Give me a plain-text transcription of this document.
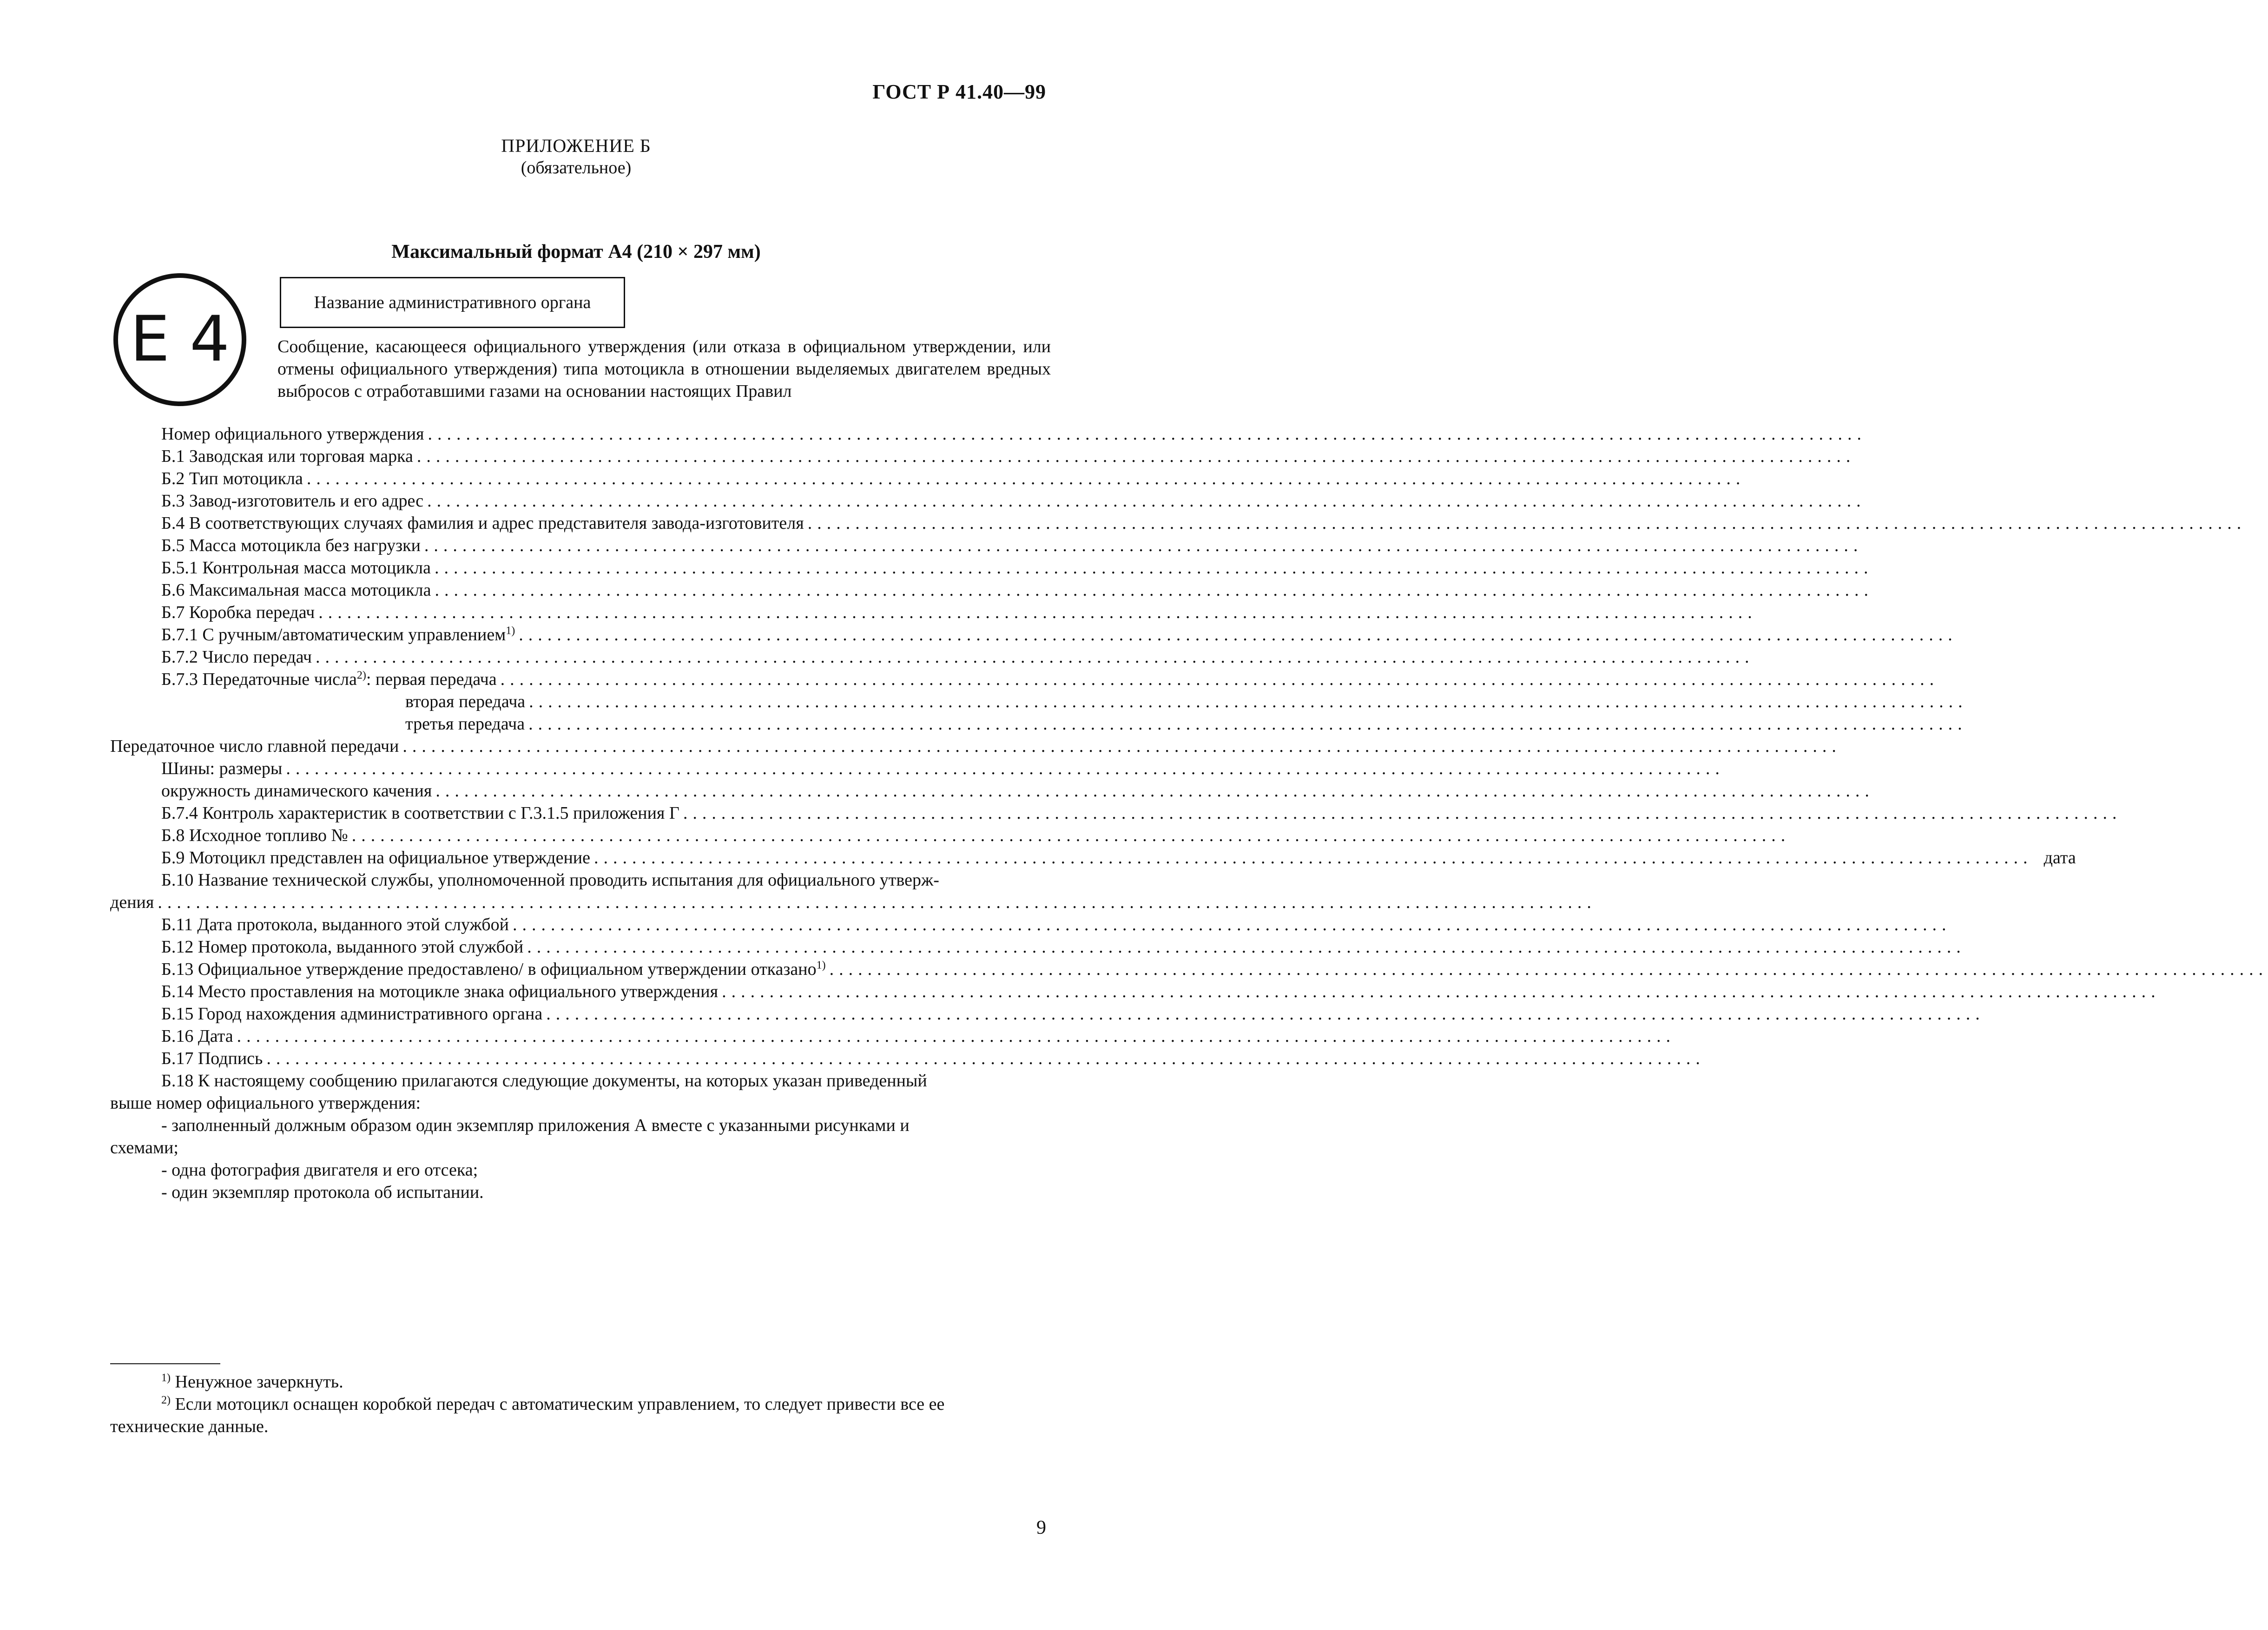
ГОСТ Р 41.40—99
ПРИЛОЖЕНИЕ Б
(обязательное)
Максимальный формат А4 (210 × 297 мм)
E 4	Название административного органа
Сообщение, касающееся официального утверждения (или отказа в официальном утверждении, или отмены официального утверждения) типа мотоцикла в отношении выделяемых двигателем вредных выбросов с отработавшими газами на основании настоящих Правил
Номер официального утверждения .......................................................................................................................................................
Б.1 Заводская или торговая марка .......................................................................................................................................................
Б.2 Тип мотоцикла .......................................................................................................................................................
Б.3 Завод-изготовитель и его адрес .......................................................................................................................................................
Б.4 В соответствующих случаях фамилия и адрес представителя завода-изготовителя .......................................................................................................................................................
Б.5 Масса мотоцикла без нагрузки .......................................................................................................................................................
Б.5.1 Контрольная масса мотоцикла .......................................................................................................................................................
Б.6 Максимальная масса мотоцикла .......................................................................................................................................................
Б.7 Коробка передач .......................................................................................................................................................
Б.7.1 С ручным/автоматическим управлением$^{1)}$ .......................................................................................................................................................
Б.7.2 Число передач .......................................................................................................................................................
Б.7.3 Передаточные числа$^{2)}$: первая передача .......................................................................................................................................................
вторая передача .......................................................................................................................................................
третья передача .......................................................................................................................................................
Передаточное число главной передачи .......................................................................................................................................................
Шины: размеры .......................................................................................................................................................
окружность динамического качения .......................................................................................................................................................
Б.7.4 Контроль характеристик в соответствии с Г.3.1.5 приложения Г .......................................................................................................................................................
Б.8 Исходное топливо № .......................................................................................................................................................
Б.9 Мотоцикл представлен на официальное утверждение ....................................................................................................................................................... дата
Б.10 Название технической службы, уполномоченной проводить испытания для официального утверж-
дения .......................................................................................................................................................
Б.11 Дата протокола, выданного этой службой .......................................................................................................................................................
Б.12 Номер протокола, выданного этой службой .......................................................................................................................................................
Б.13 Официальное утверждение предоставлено/ в официальном утверждении отказано$^{1)}$ .......................................................................................................................................................
Б.14 Место проставления на мотоцикле знака официального утверждения .......................................................................................................................................................
Б.15 Город нахождения административного органа .......................................................................................................................................................
Б.16 Дата .......................................................................................................................................................
Б.17 Подпись .......................................................................................................................................................
Б.18 К настоящему сообщению прилагаются следующие документы, на которых указан приведенный
выше номер официального утверждения:
- заполненный должным образом один экземпляр приложения А вместе с указанными рисунками и
схемами;
- одна фотография двигателя и его отсека;
- один экземпляр протокола об испытании.
$^{1)}$ Ненужное зачеркнуть.
$^{2)}$ Если мотоцикл оснащен коробкой передач с автоматическим управлением, то следует привести все ее
технические данные.
9
